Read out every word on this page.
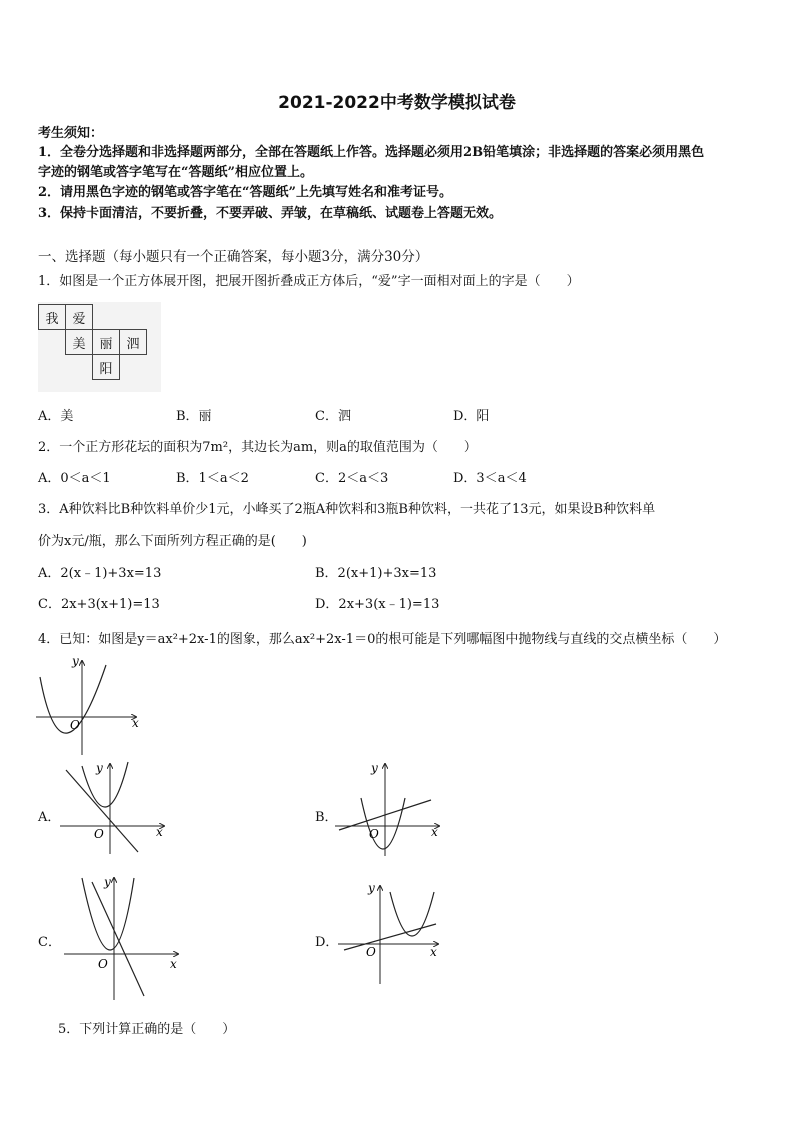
2021-2022中考数学模拟试卷
考生须知：
1．全卷分选择题和非选择题两部分，全部在答题纸上作答。选择题必须用2B铅笔填涂；非选择题的答案必须用黑色
字迹的钢笔或答字笔写在“答题纸”相应位置上。
2．请用黑色字迹的钢笔或答字笔在“答题纸”上先填写姓名和准考证号。
3．保持卡面清洁，不要折叠，不要弄破、弄皱，在草稿纸、试题卷上答题无效。
一、选择题（每小题只有一个正确答案，每小题3分，满分30分）
1．如图是一个正方体展开图，把展开图折叠成正方体后，“爱”字一面相对面上的字是（　　）
我	爱		
	美	丽	泗
		阳	
A．美	B．丽	C．泗	D．阳
2．一个正方形花坛的面积为7m²，其边长为am，则a的取值范围为（　　）
A．0＜a＜1	B．1＜a＜2	C．2＜a＜3	D．3＜a＜4
3．A种饮料比B种饮料单价少1元，小峰买了2瓶A种饮料和3瓶B种饮料，一共花了13元，如果设B种饮料单
价为x元/瓶，那么下面所列方程正确的是(　　)
A．2(x﹣1)+3x=13	B．2(x+1)+3x=13
C．2x+3(x+1)=13	D．2x+3(x﹣1)=13
4．已知：如图是y＝ax²+2x-1的图象，那么ax²+2x-1＝0的根可能是下列哪幅图中抛物线与直线的交点横坐标（　　）
x
y
O
A．
x
y
O
B．
x
y
O
C．
x
y
O
D．
x
y
O
5．下列计算正确的是（　　）
